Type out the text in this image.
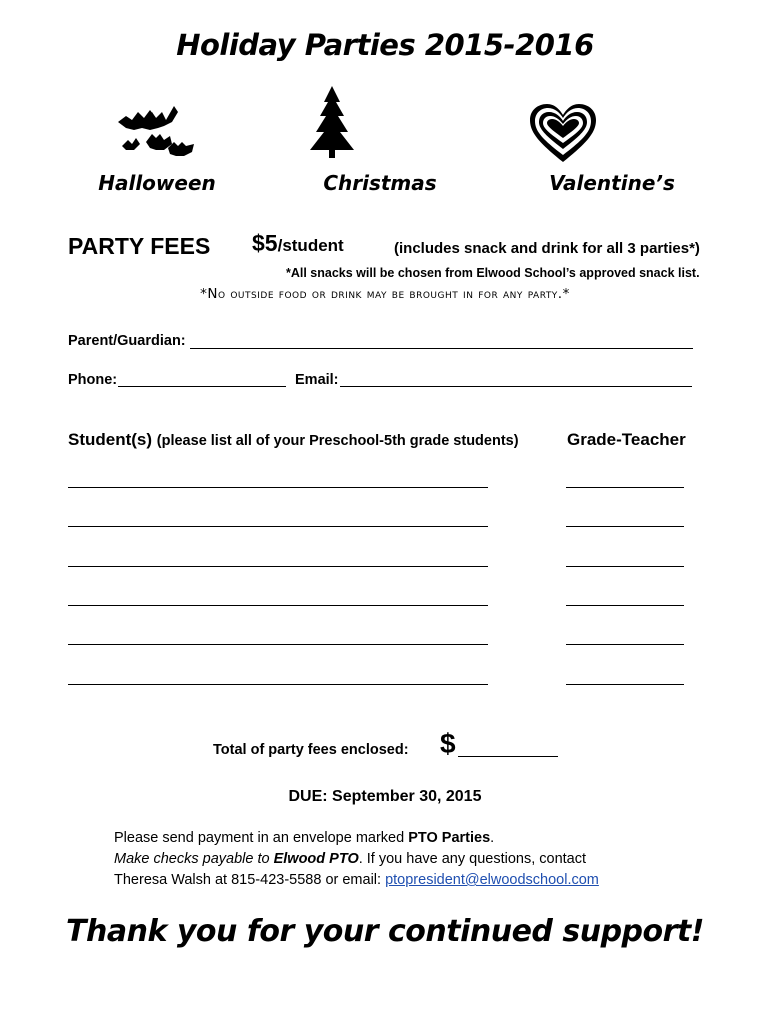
Holiday Parties 2015-2016
Halloween	Christmas	Valentine’s
PARTY FEES $5/student	(includes snack and drink for all 3 parties*)
*All snacks will be chosen from Elwood School’s approved snack list.
*No outside food or drink may be brought in for any party.*
Parent/Guardian:
Phone:	Email:
Student(s) (please list all of your Preschool-5th grade students)	Grade-Teacher
Total of party fees enclosed: $
DUE: September 30, 2015
Please send payment in an envelope marked PTO Parties.
Make checks payable to Elwood PTO. If you have any questions, contact
Theresa Walsh at 815-423-5588 or email: ptopresident@elwoodschool.com
Thank you for your continued support!
